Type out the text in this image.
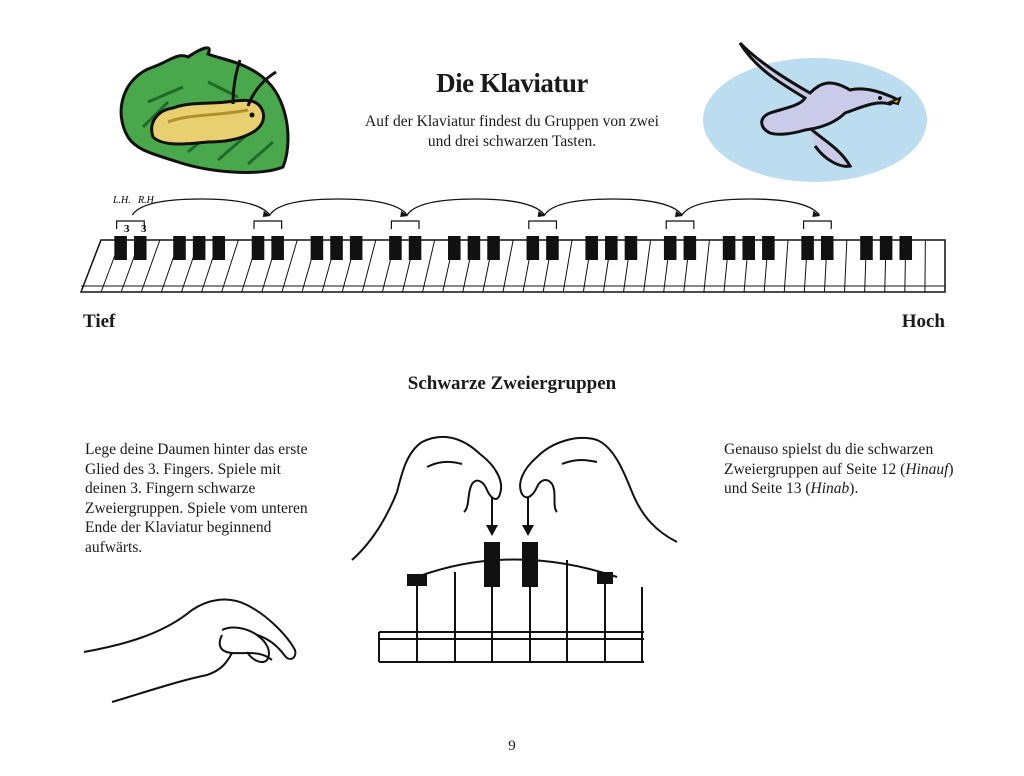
Die Klaviatur
Auf der Klaviatur findest du Gruppen von zwei und drei schwarzen Tasten.
L.H. R.H.
3 3
Tief	Hoch
Schwarze Zweiergruppen
Lege deine Daumen hinter das erste Glied des 3. Fingers. Spiele mit deinen 3. Fingern schwarze Zweiergruppen. Spiele vom unteren Ende der Klaviatur beginnend aufwärts.
Genauso spielst du die schwarzen Zweiergruppen auf Seite 12 (Hinauf) und Seite 13 (Hinab).
9
